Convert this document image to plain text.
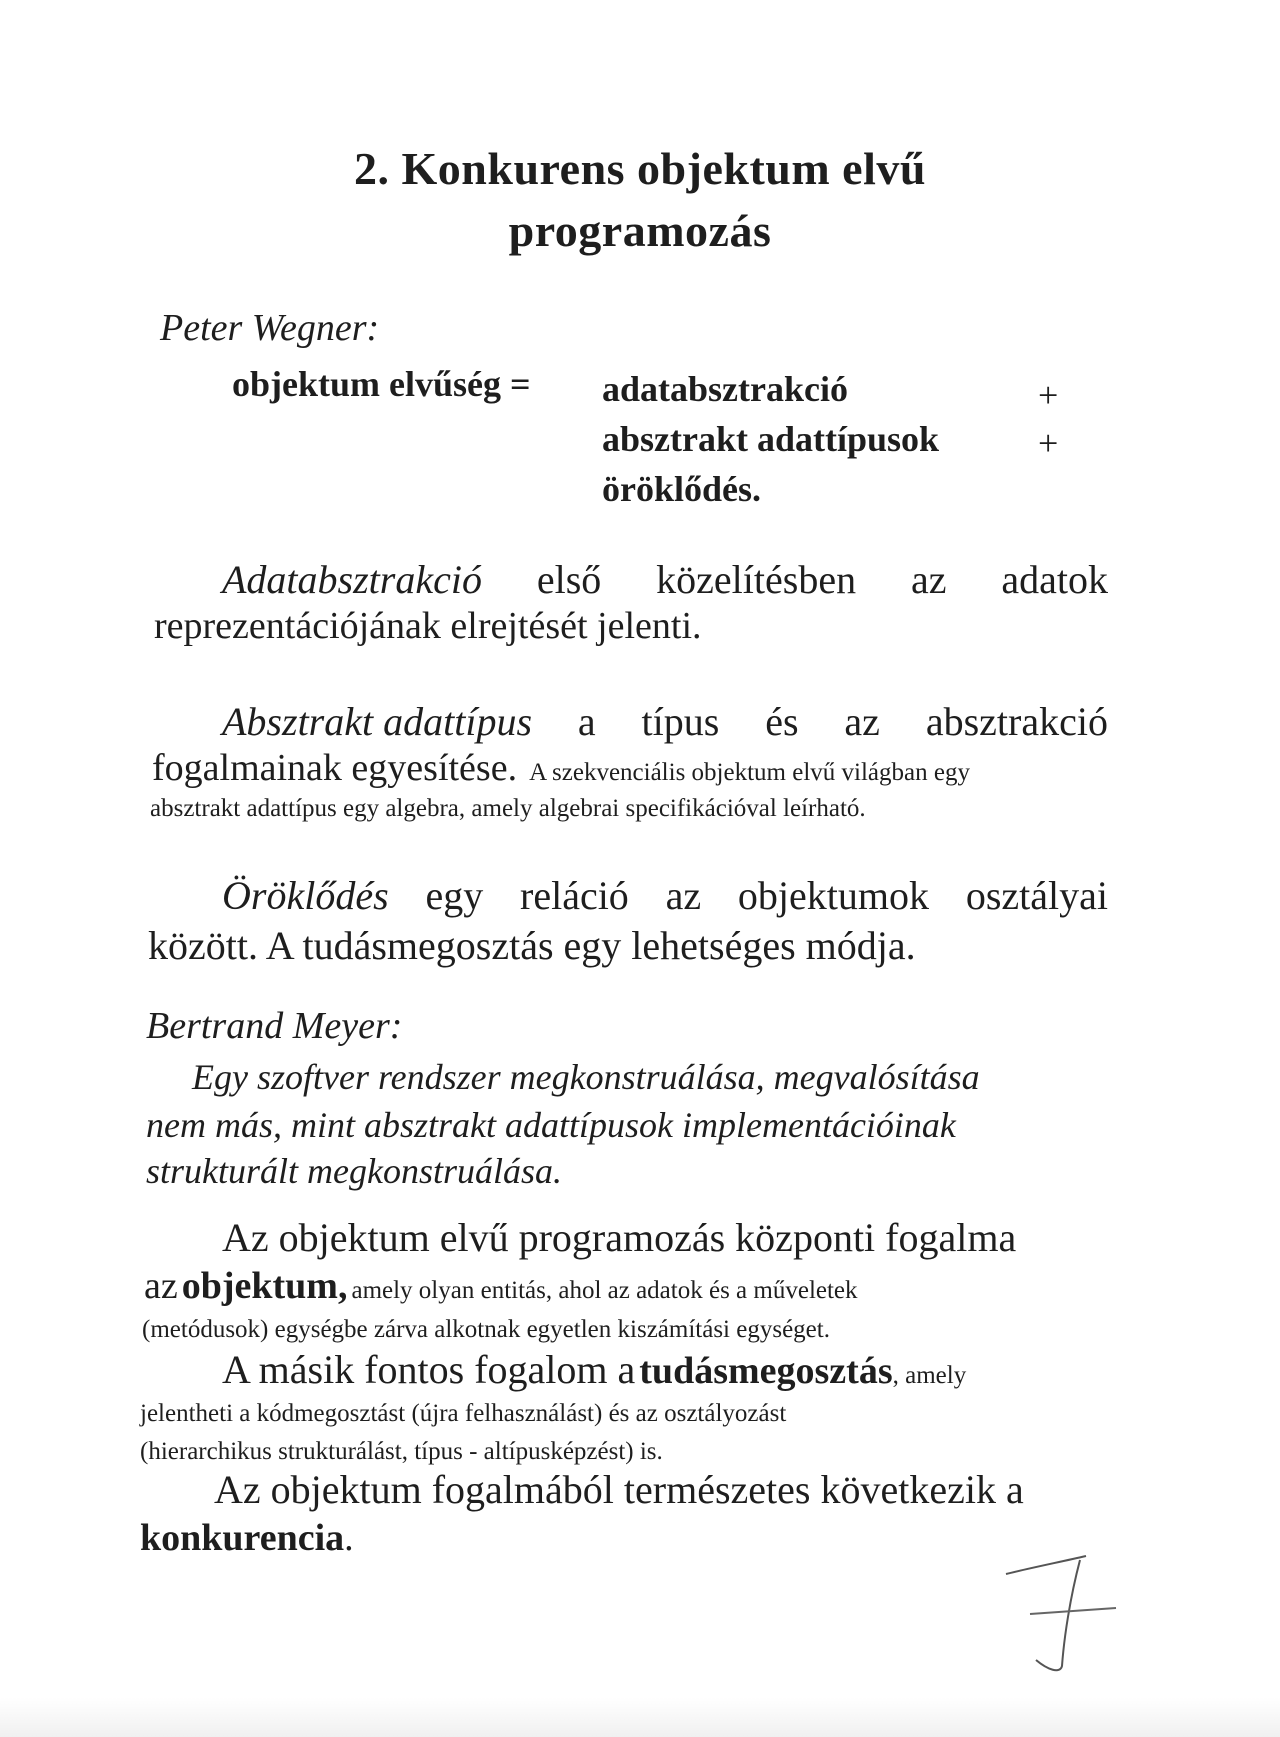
2. Konkurens objektum elvű
programozás
Peter Wegner:
objektum elvűség = adatabsztrakció	+
absztrakt adattípusok	+
öröklődés.
Adatabsztrakció első közelítésben az adatok
reprezentációjának elrejtését jelenti.
Absztrakt adattípus a típus és az absztrakció
fogalmainak egyesítése. A szekvenciális objektum elvű világban egy
absztrakt adattípus egy algebra, amely algebrai specifikációval leírható.
Öröklődés egy reláció az objektumok osztályai
között. A tudásmegosztás egy lehetséges módja.
Bertrand Meyer:
Egy szoftver rendszer megkonstruálása, megvalósítása
nem más, mint absztrakt adattípusok implementációinak
strukturált megkonstruálása.
Az objektum elvű programozás központi fogalma
az objektum, amely olyan entitás, ahol az adatok és a műveletek
(metódusok) egységbe zárva alkotnak egyetlen kiszámítási egységet.
A másik fontos fogalom a tudásmegosztás, amely
jelentheti a kódmegosztást (újra felhasználást) és az osztályozást
(hierarchikus strukturálást, típus - altípusképzést) is.
Az objektum fogalmából természetes következik a
konkurencia.
